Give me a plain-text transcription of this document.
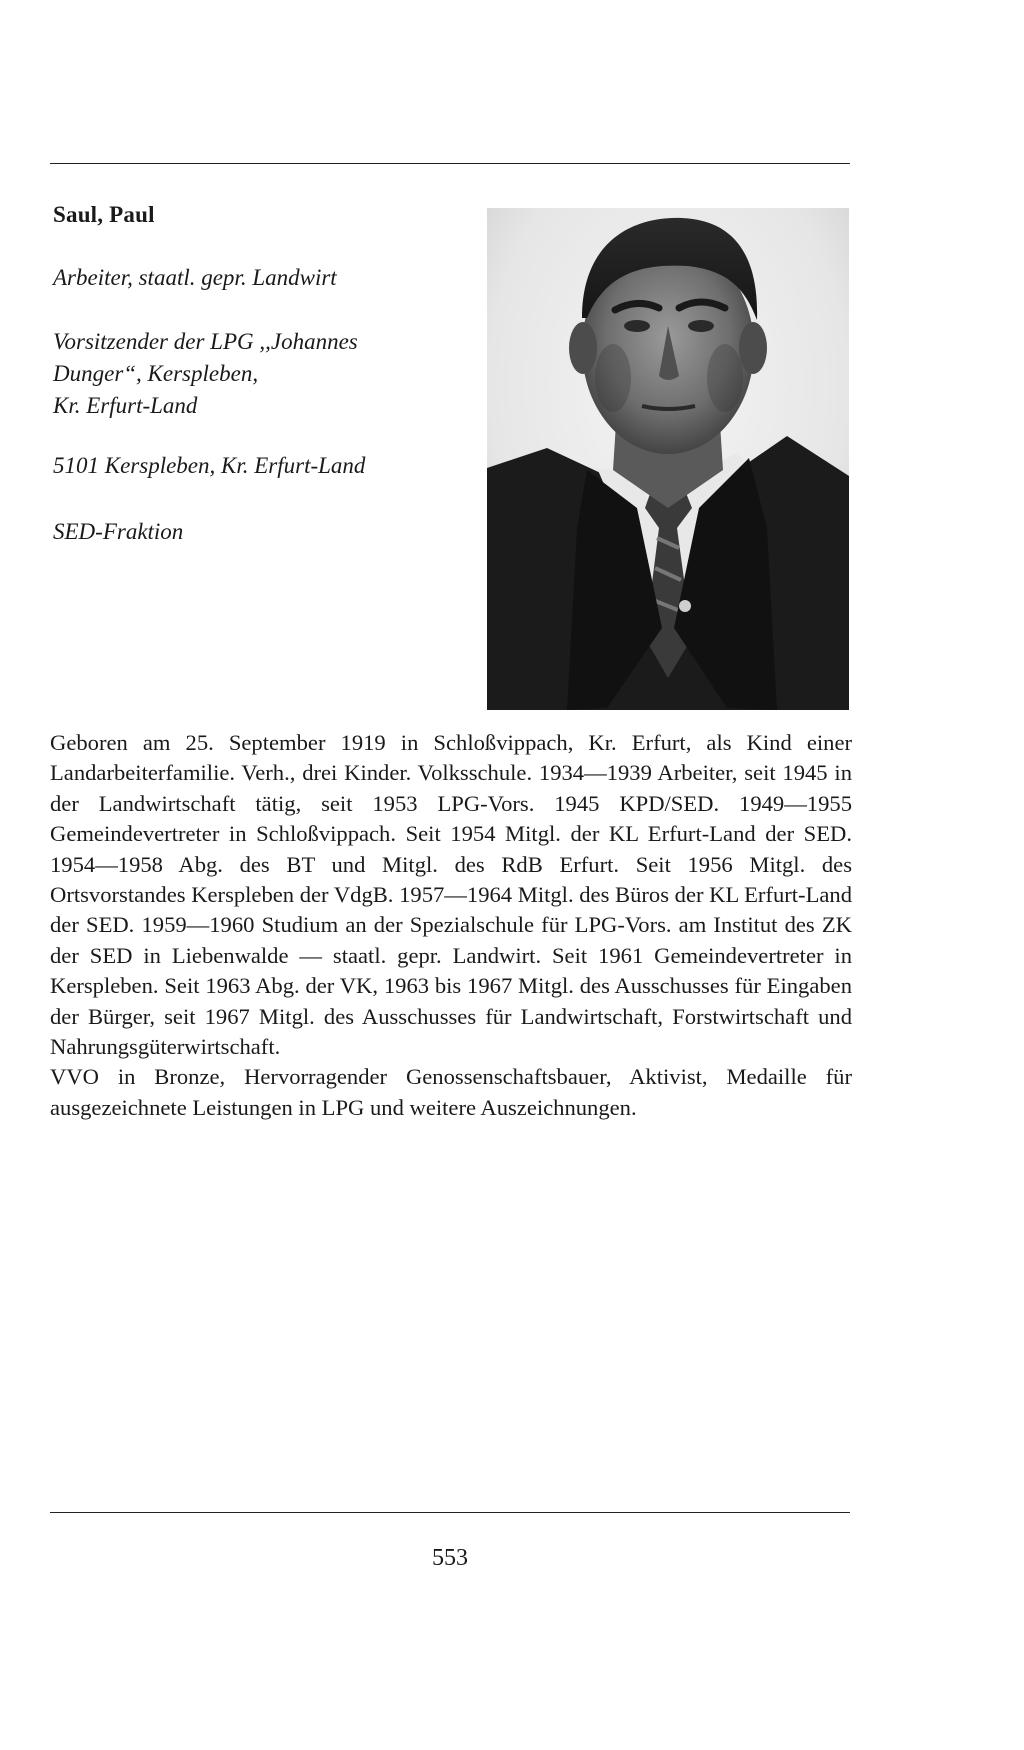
Saul, Paul
Arbeiter, staatl. gepr. Landwirt
Vorsitzender der LPG ,,Johannes
Dunger“, Kerspleben,
Kr. Erfurt-Land
5101 Kerspleben, Kr. Erfurt-Land
SED-Fraktion

Geboren am 25. September 1919 in Schloßvippach, Kr. Erfurt, als Kind einer Landarbeiterfamilie. Verh., drei Kinder. Volksschule. 1934—1939 Arbeiter, seit 1945 in der Landwirtschaft tätig, seit 1953 LPG-Vors. 1945 KPD/SED. 1949—1955 Gemeindevertreter in Schloßvippach. Seit 1954 Mitgl. der KL Erfurt-Land der SED. 1954—1958 Abg. des BT und Mitgl. des RdB Erfurt. Seit 1956 Mitgl. des Ortsvorstandes Kerspleben der VdgB. 1957—1964 Mitgl. des Büros der KL Erfurt-Land der SED. 1959—1960 Studium an der Spezialschule für LPG-Vors. am Institut des ZK der SED in Liebenwalde — staatl. gepr. Landwirt. Seit 1961 Gemeindevertreter in Kerspleben. Seit 1963 Abg. der VK, 1963 bis 1967 Mitgl. des Ausschusses für Eingaben der Bürger, seit 1967 Mitgl. des Ausschusses für Landwirtschaft, Forstwirtschaft und Nahrungsgüterwirtschaft.

VVO in Bronze, Hervorragender Genossenschaftsbauer, Aktivist, Medaille für ausgezeichnete Leistungen in LPG und weitere Auszeichnungen.

553
